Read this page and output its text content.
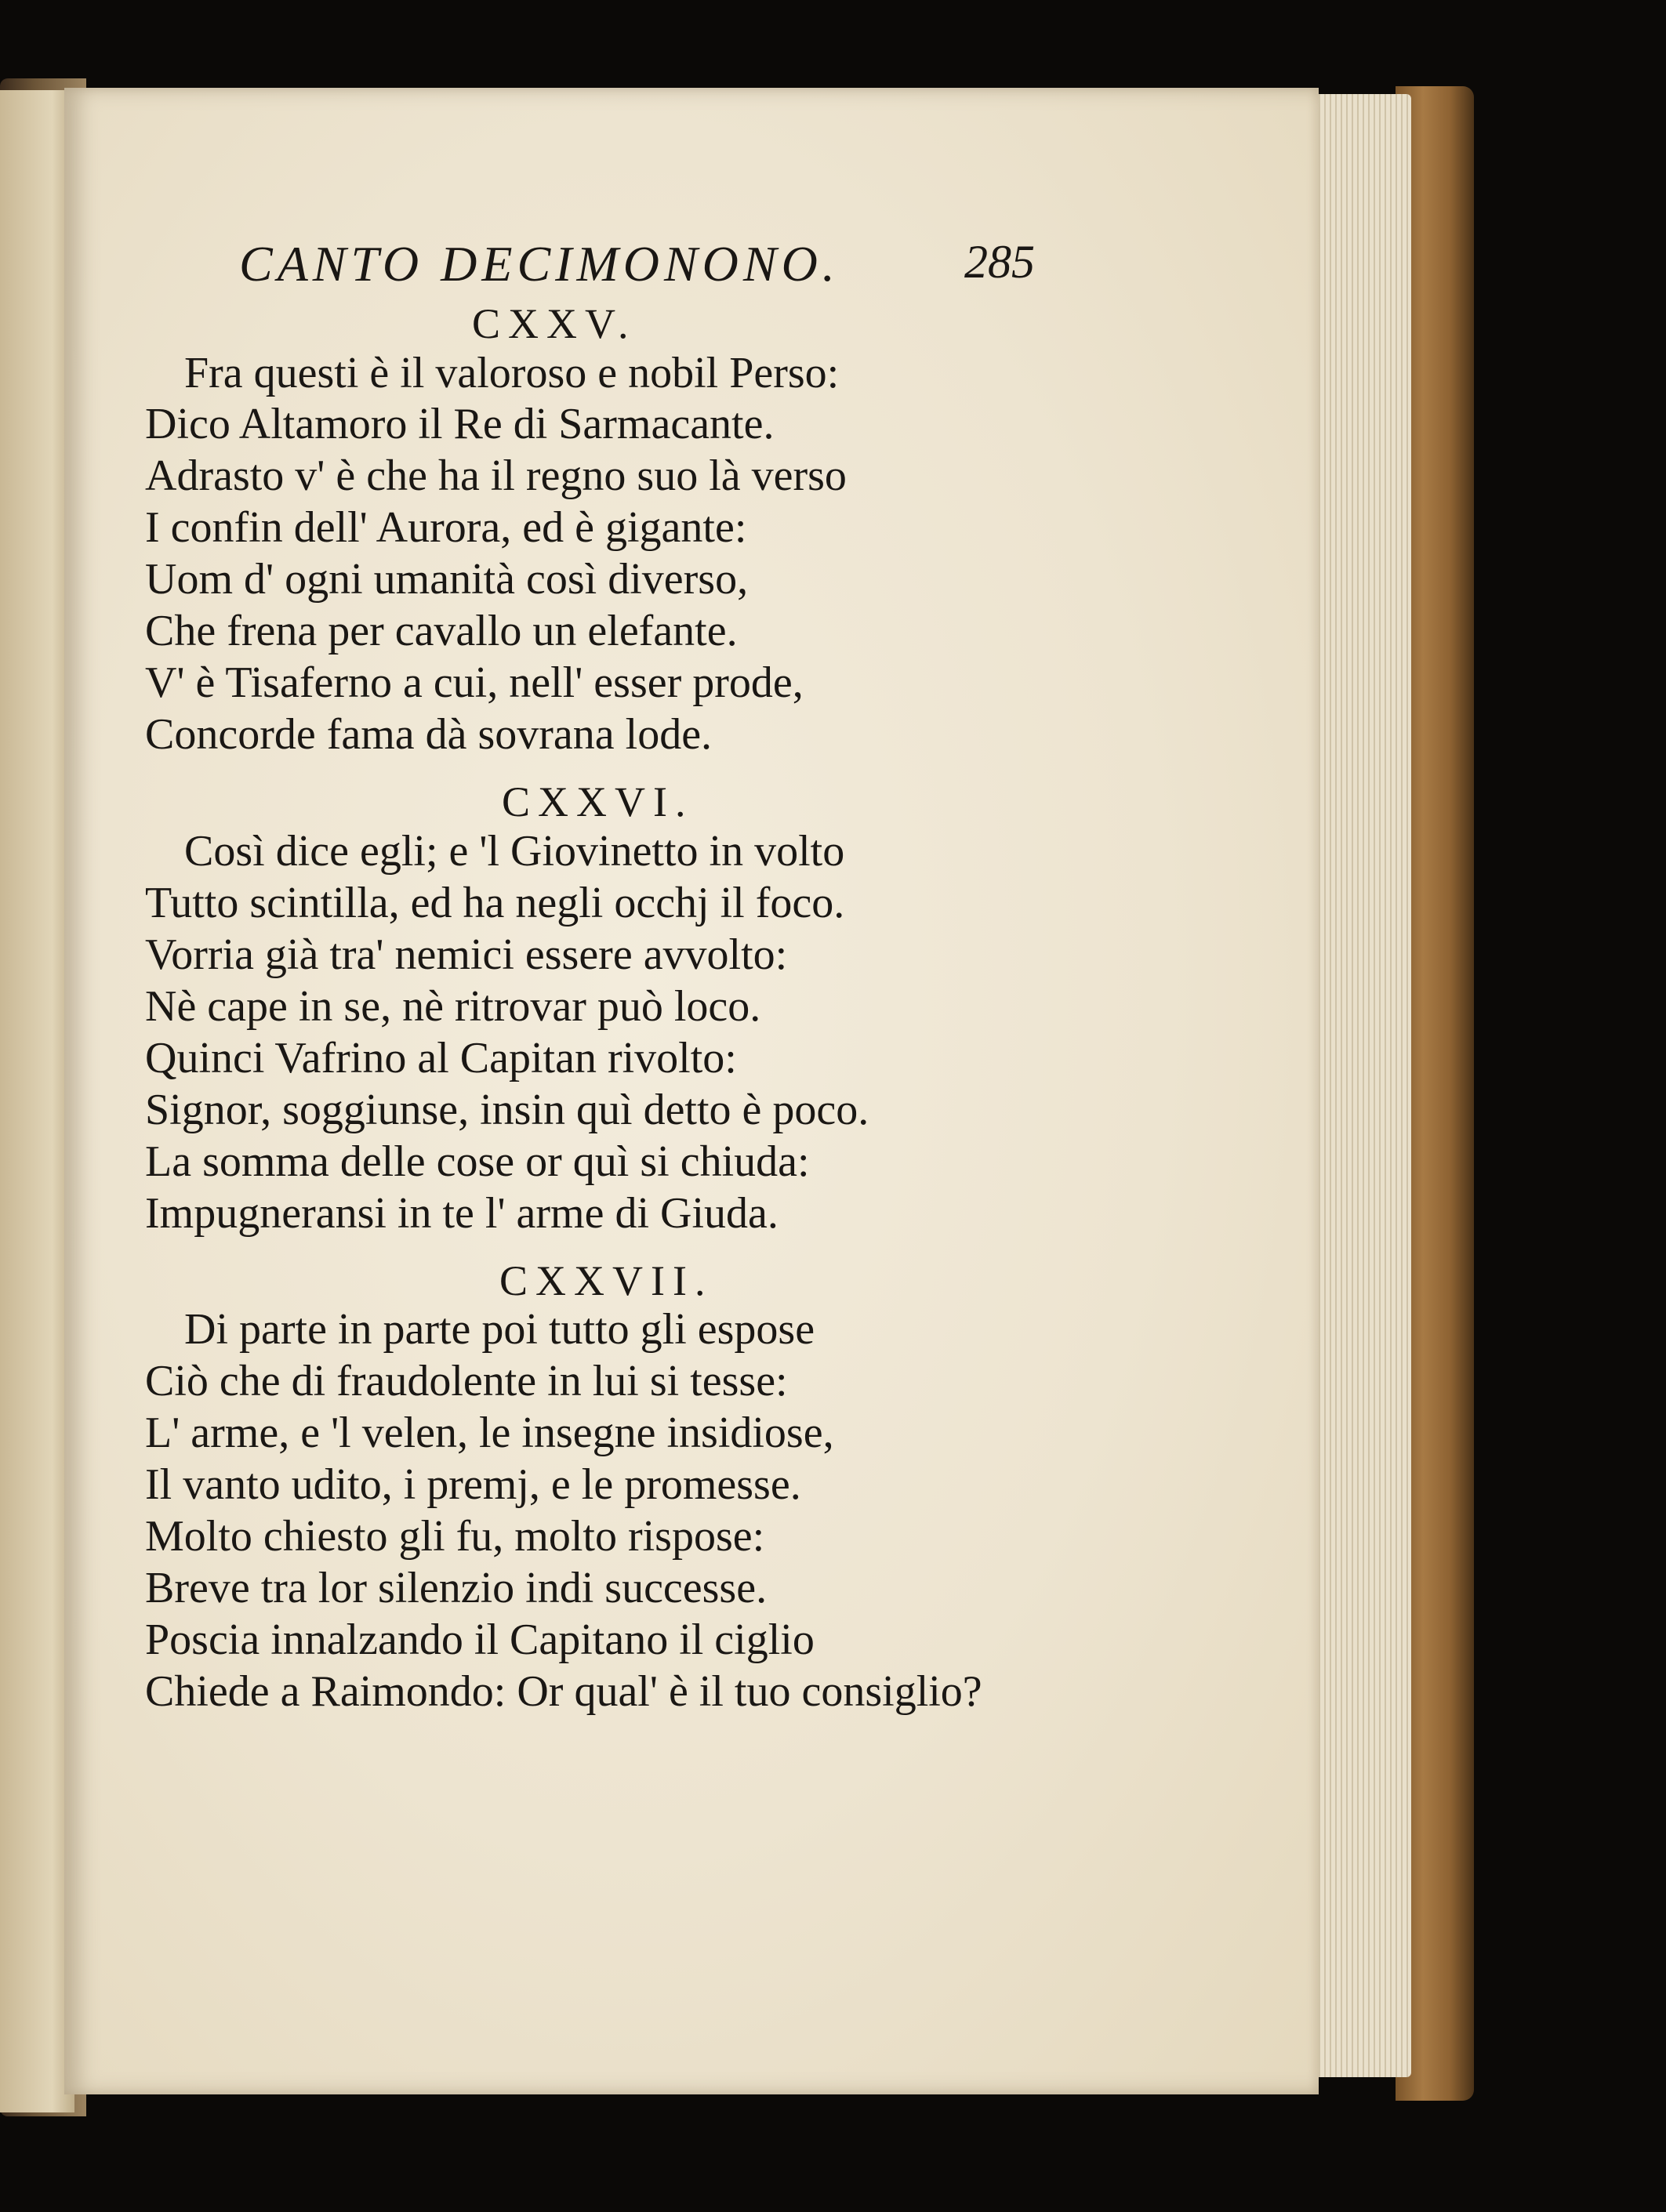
CANTO DECIMONONO.	285
CXXV.
Fra questi è il valoroso e nobil Perso:
Dico Altamoro il Re di Sarmacante.
Adrasto v' è che ha il regno suo là verso
I confin dell' Aurora, ed è gigante:
Uom d' ogni umanità così diverso,
Che frena per cavallo un elefante.
V' è Tisaferno a cui, nell' esser prode,
Concorde fama dà sovrana lode.
CXXVI.
Così dice egli; e 'l Giovinetto in volto
Tutto scintilla, ed ha negli occhj il foco.
Vorria già tra' nemici essere avvolto:
Nè cape in se, nè ritrovar può loco.
Quinci Vafrino al Capitan rivolto:
Signor, soggiunse, insin quì detto è poco.
La somma delle cose or quì si chiuda:
Impugneransi in te l' arme di Giuda.
CXXVII.
Di parte in parte poi tutto gli espose
Ciò che di fraudolente in lui si tesse:
L' arme, e 'l velen, le insegne insidiose,
Il vanto udito, i premj, e le promesse.
Molto chiesto gli fu, molto rispose:
Breve tra lor silenzio indi successe.
Poscia innalzando il Capitano il ciglio
Chiede a Raimondo: Or qual' è il tuo consiglio?
